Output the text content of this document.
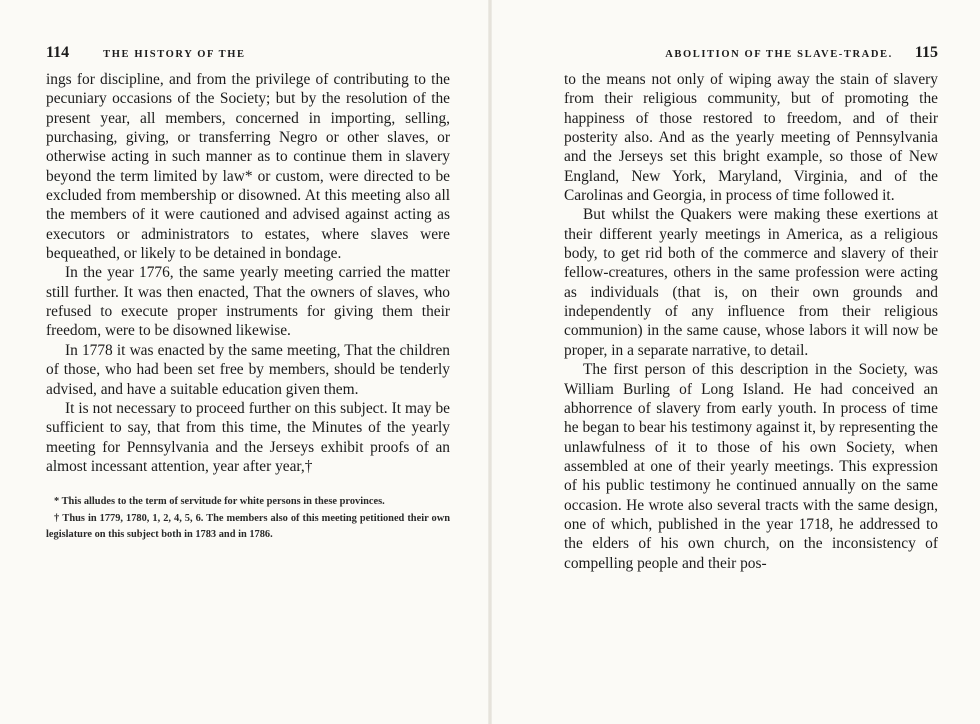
114	THE HISTORY OF THE

ings for discipline, and from the privilege of contributing to the pecuniary occasions of the Society; but by the resolution of the present year, all members, concerned in importing, selling, purchasing, giving, or transferring Negro or other slaves, or otherwise acting in such manner as to continue them in slavery beyond the term limited by law* or custom, were directed to be excluded from membership or disowned. At this meeting also all the members of it were cautioned and advised against acting as executors or administrators to estates, where slaves were bequeathed, or likely to be detained in bondage.

In the year 1776, the same yearly meeting carried the matter still further. It was then enacted, That the owners of slaves, who refused to execute proper instruments for giving them their freedom, were to be disowned likewise.

In 1778 it was enacted by the same meeting, That the children of those, who had been set free by members, should be tenderly advised, and have a suitable education given them.

It is not necessary to proceed further on this subject. It may be sufficient to say, that from this time, the Minutes of the yearly meeting for Pennsylvania and the Jerseys exhibit proofs of an almost incessant attention, year after year,†

* This alludes to the term of servitude for white persons in these provinces.

† Thus in 1779, 1780, 1, 2, 4, 5, 6. The members also of this meeting petitioned their own legislature on this subject both in 1783 and in 1786.

ABOLITION OF THE SLAVE-TRADE. 115

to the means not only of wiping away the stain of slavery from their religious community, but of promoting the happiness of those restored to freedom, and of their posterity also. And as the yearly meeting of Pennsylvania and the Jerseys set this bright example, so those of New England, New York, Maryland, Virginia, and of the Carolinas and Georgia, in process of time followed it.

But whilst the Quakers were making these exertions at their different yearly meetings in America, as a religious body, to get rid both of the commerce and slavery of their fellow-creatures, others in the same profession were acting as individuals (that is, on their own grounds and independently of any influence from their religious communion) in the same cause, whose labors it will now be proper, in a separate narrative, to detail.

The first person of this description in the Society, was William Burling of Long Island. He had conceived an abhorrence of slavery from early youth. In process of time he began to bear his testimony against it, by representing the unlawfulness of it to those of his own Society, when assembled at one of their yearly meetings. This expression of his public testimony he continued annually on the same occasion. He wrote also several tracts with the same design, one of which, published in the year 1718, he addressed to the elders of his own church, on the inconsistency of compelling people and their pos-
